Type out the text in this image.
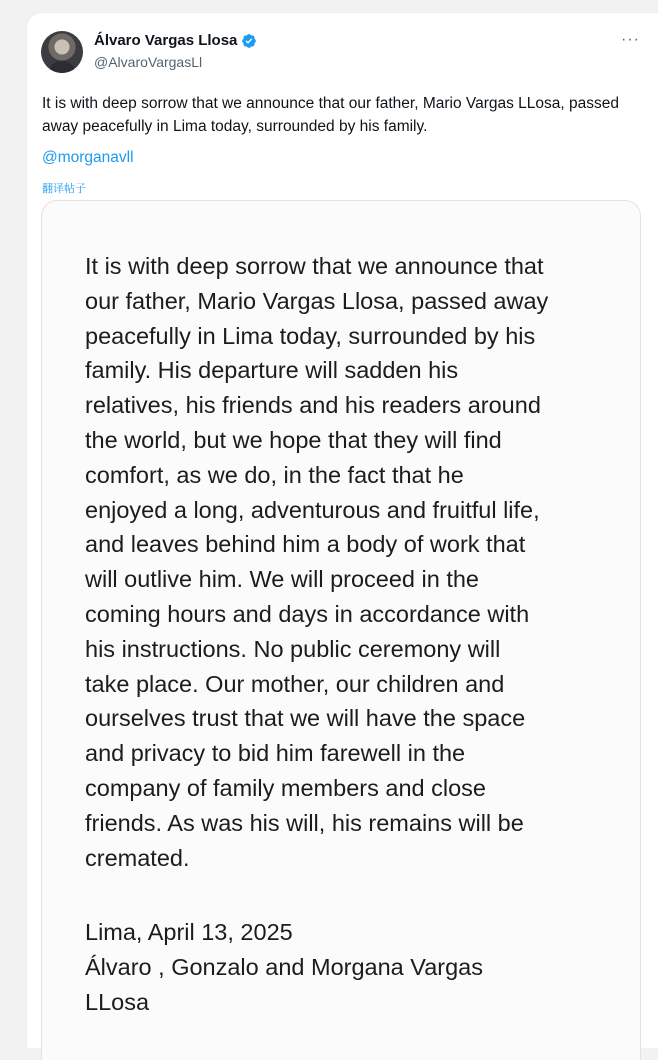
Álvaro Vargas Llosa
@AlvaroVargasLl
···
It is with deep sorrow that we announce that our father, Mario Vargas LLosa, passed away peacefully in Lima today, surrounded by his family.
@morganavll
翻译帖子
It is with deep sorrow that we announce that
our father, Mario Vargas Llosa, passed away
peacefully in Lima today, surrounded by his
family. His departure will sadden his
relatives, his friends and his readers around
the world, but we hope that they will find
comfort, as we do, in the fact that he
enjoyed a long, adventurous and fruitful life,
and leaves behind him a body of work that
will outlive him. We will proceed in the
coming hours and days in accordance with
his instructions. No public ceremony will
take place. Our mother, our children and
ourselves trust that we will have the space
and privacy to bid him farewell in the
company of family members and close
friends. As was his will, his remains will be
cremated.
Lima, April 13, 2025
Álvaro , Gonzalo and Morgana Vargas
LLosa
